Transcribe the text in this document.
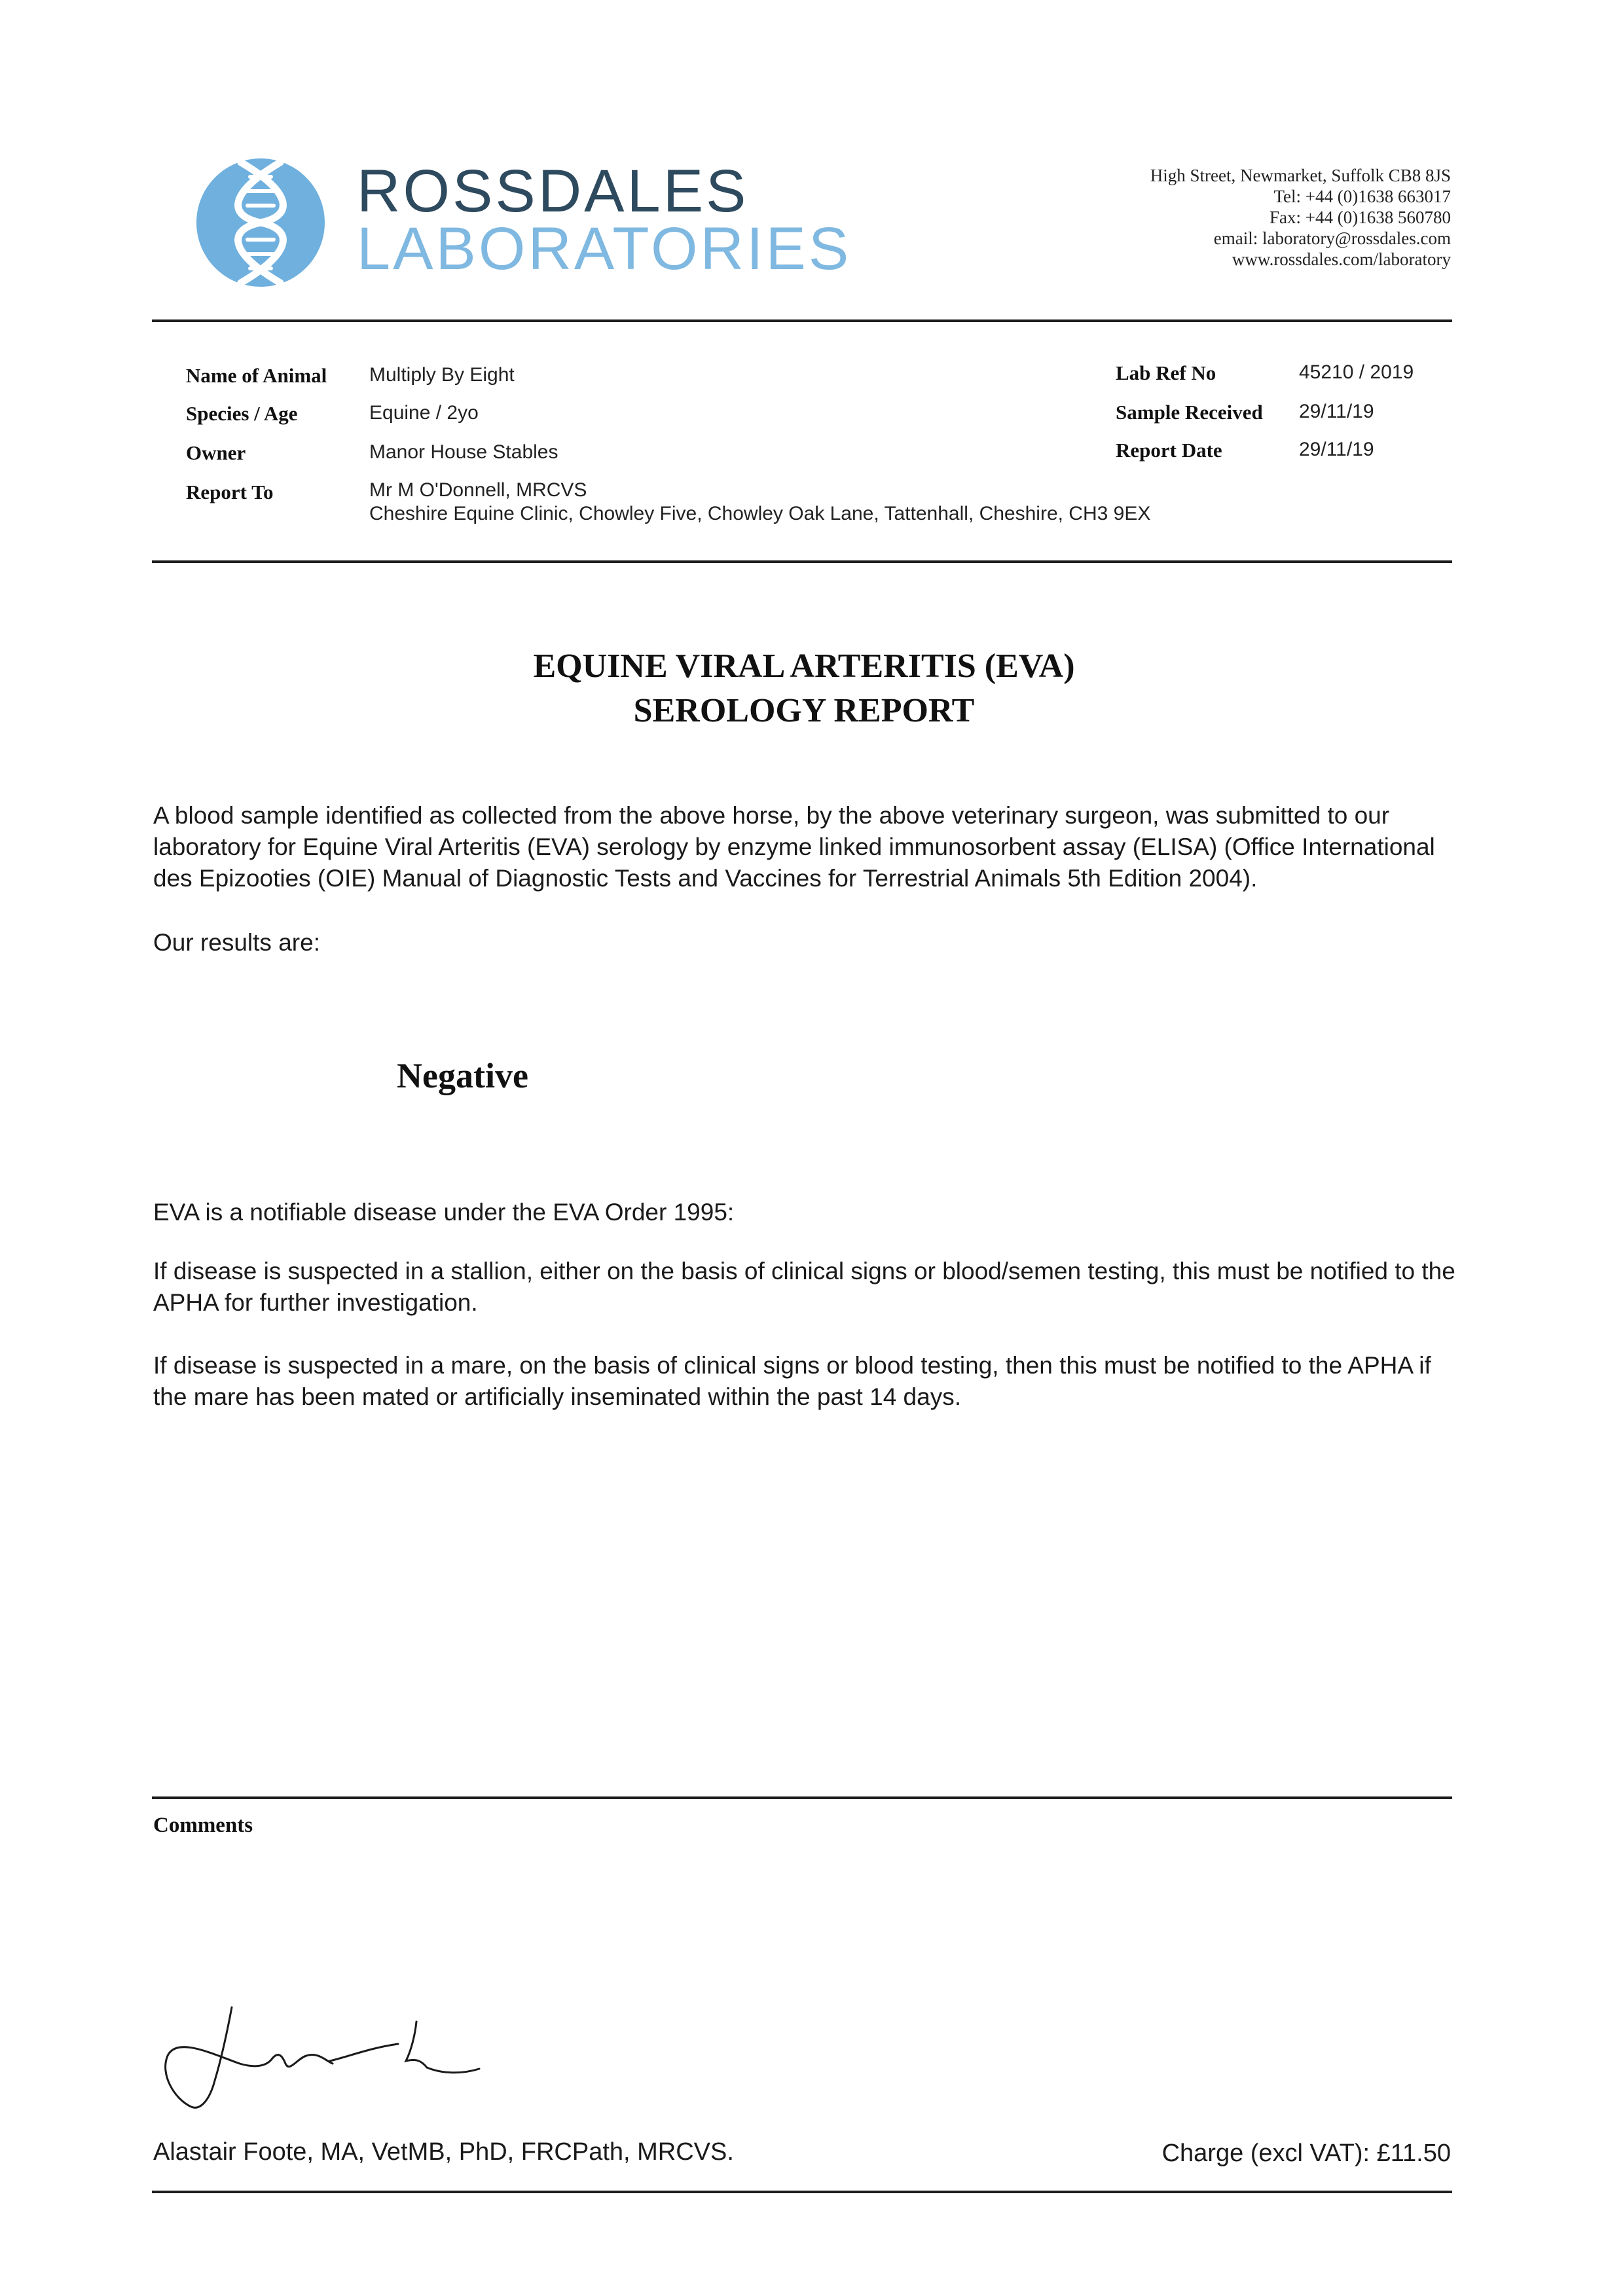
ROSSDALES
LABORATORIES
High Street, Newmarket, Suffolk CB8 8JS
Tel: +44 (0)1638 663017
Fax: +44 (0)1638 560780
email: laboratory@rossdales.com
www.rossdales.com/laboratory
Name of Animal Multiply By Eight
Species / Age	Equine / 2yo
Owner	Manor House Stables
Report To	Mr M O'Donnell, MRCVS
Cheshire Equine Clinic, Chowley Five, Chowley Oak Lane, Tattenhall, Cheshire, CH3 9EX
Lab Ref No	45210 / 2019
Sample Received 29/11/19
Report Date	29/11/19
EQUINE VIRAL ARTERITIS (EVA)
SEROLOGY REPORT
A blood sample identified as collected from the above horse, by the above veterinary surgeon, was submitted to our laboratory for Equine Viral Arteritis (EVA) serology by enzyme linked immunosorbent assay (ELISA) (Office International des Epizooties (OIE) Manual of Diagnostic Tests and Vaccines for Terrestrial Animals 5th Edition 2004).
Our results are:
Negative
EVA is a notifiable disease under the EVA Order 1995:
If disease is suspected in a stallion, either on the basis of clinical signs or blood/semen testing, this must be notified to the APHA for further investigation.
If disease is suspected in a mare, on the basis of clinical signs or blood testing, then this must be notified to the APHA if the mare has been mated or artificially inseminated within the past 14 days.
Comments
Alastair Foote, MA, VetMB, PhD, FRCPath, MRCVS.	Charge (excl VAT): £11.50
